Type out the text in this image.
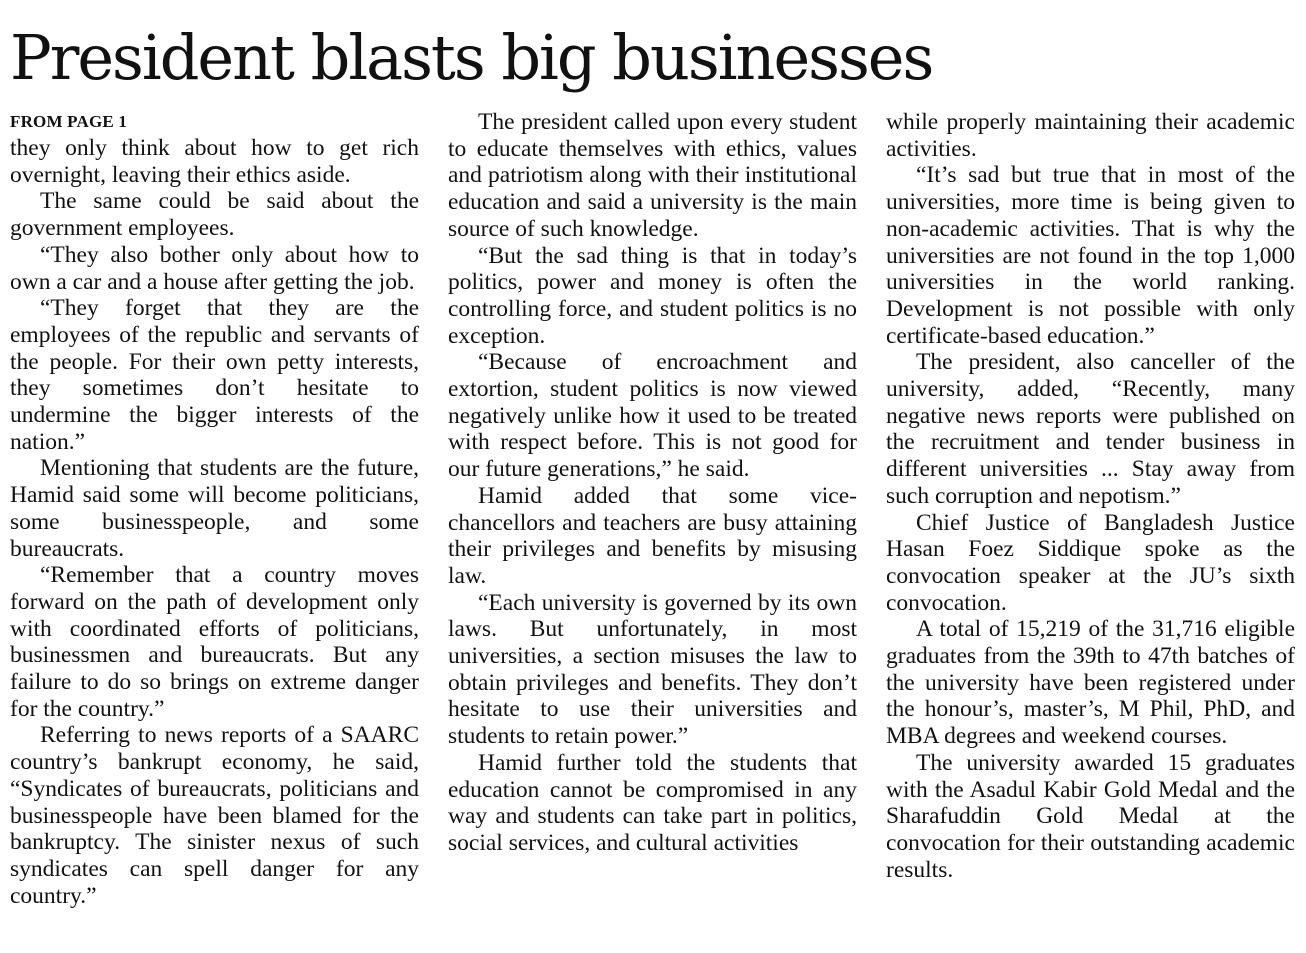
President blasts big businesses
FROM PAGE 1

they only think about how to get rich overnight, leaving their ethics aside.

The same could be said about the government employees.

“They also bother only about how to own a car and a house after getting the job.

“They forget that they are the employees of the republic and servants of the people. For their own petty interests, they sometimes don’t hesitate to undermine the bigger interests of the nation.”

Mentioning that students are the future, Hamid said some will become politicians, some businesspeople, and some bureaucrats.

“Remember that a country moves forward on the path of development only with coordinated efforts of politicians, businessmen and bureaucrats. But any failure to do so brings on extreme danger for the country.”

Referring to news reports of a SAARC country’s bankrupt economy, he said, “Syndicates of bureaucrats, politicians and businesspeople have been blamed for the bankruptcy. The sinister nexus of such syndicates can spell danger for any country.”

The president called upon every student to educate themselves with ethics, values and patriotism along with their institutional education and said a university is the main source of such knowledge.

“But the sad thing is that in today’s politics, power and money is often the controlling force, and student politics is no exception.

“Because of encroachment and extortion, student politics is now viewed negatively unlike how it used to be treated with respect before. This is not good for our future generations,” he said.

Hamid added that some vice-chancellors and teachers are busy attaining their privileges and benefits by misusing law.

“Each university is governed by its own laws. But unfortunately, in most universities, a section misuses the law to obtain privileges and benefits. They don’t hesitate to use their universities and students to retain power.”

Hamid further told the students that education cannot be compromised in any way and students can take part in politics, social services, and cultural activities

while properly maintaining their academic activities.

“It’s sad but true that in most of the universities, more time is being given to non-academic activities. That is why the universities are not found in the top 1,000 universities in the world ranking. Development is not possible with only certificate-based education.”

The president, also canceller of the university, added, “Recently, many negative news reports were published on the recruitment and tender business in different universities ... Stay away from such corruption and nepotism.”

Chief Justice of Bangladesh Justice Hasan Foez Siddique spoke as the convocation speaker at the JU’s sixth convocation.

A total of 15,219 of the 31,716 eligible graduates from the 39th to 47th batches of the university have been registered under the honour’s, master’s, M Phil, PhD, and MBA degrees and weekend courses.

The university awarded 15 graduates with the Asadul Kabir Gold Medal and the Sharafuddin Gold Medal at the convocation for their outstanding academic results.
